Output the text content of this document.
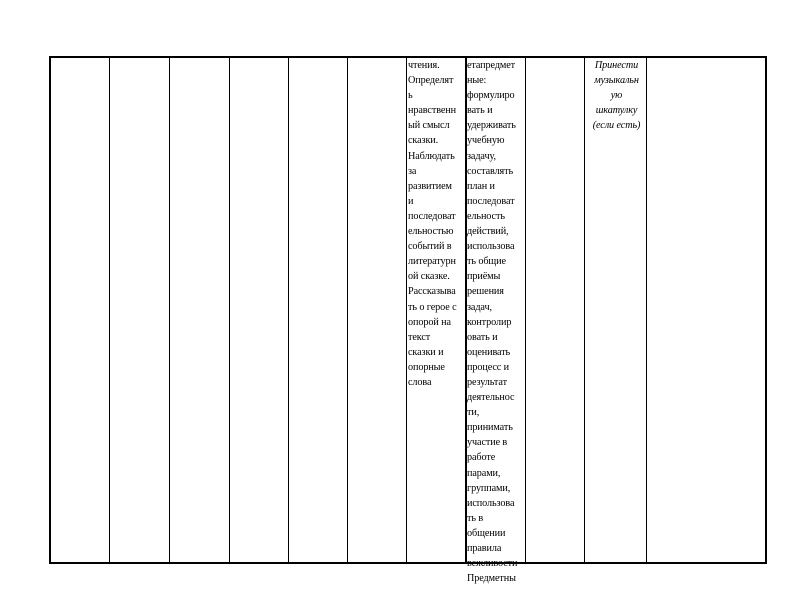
чтения.
Определят
ь
нравственн
ый смысл
сказки.
Наблюдать
за
развитием
и
последоват
ельностью
событий в
литературн
ой сказке.
Рассказыва
ть о герое с
опорой на
текст
сказки и
опорные
слова
етапредмет
ные:
формулиро
вать и
удерживать
учебную
задачу,
составлять
план и
последоват
ельность
действий,
использова
ть общие
приёмы
решения
задач,
контролир
овать и
оценивать
процесс и
результат
деятельнос
ти,
принимать
участие в
работе
парами,
группами,
использова
ть в
общении
правила
вежливости
Предметны
Принести
музыкальн
ую
шкатулку
(если есть)
